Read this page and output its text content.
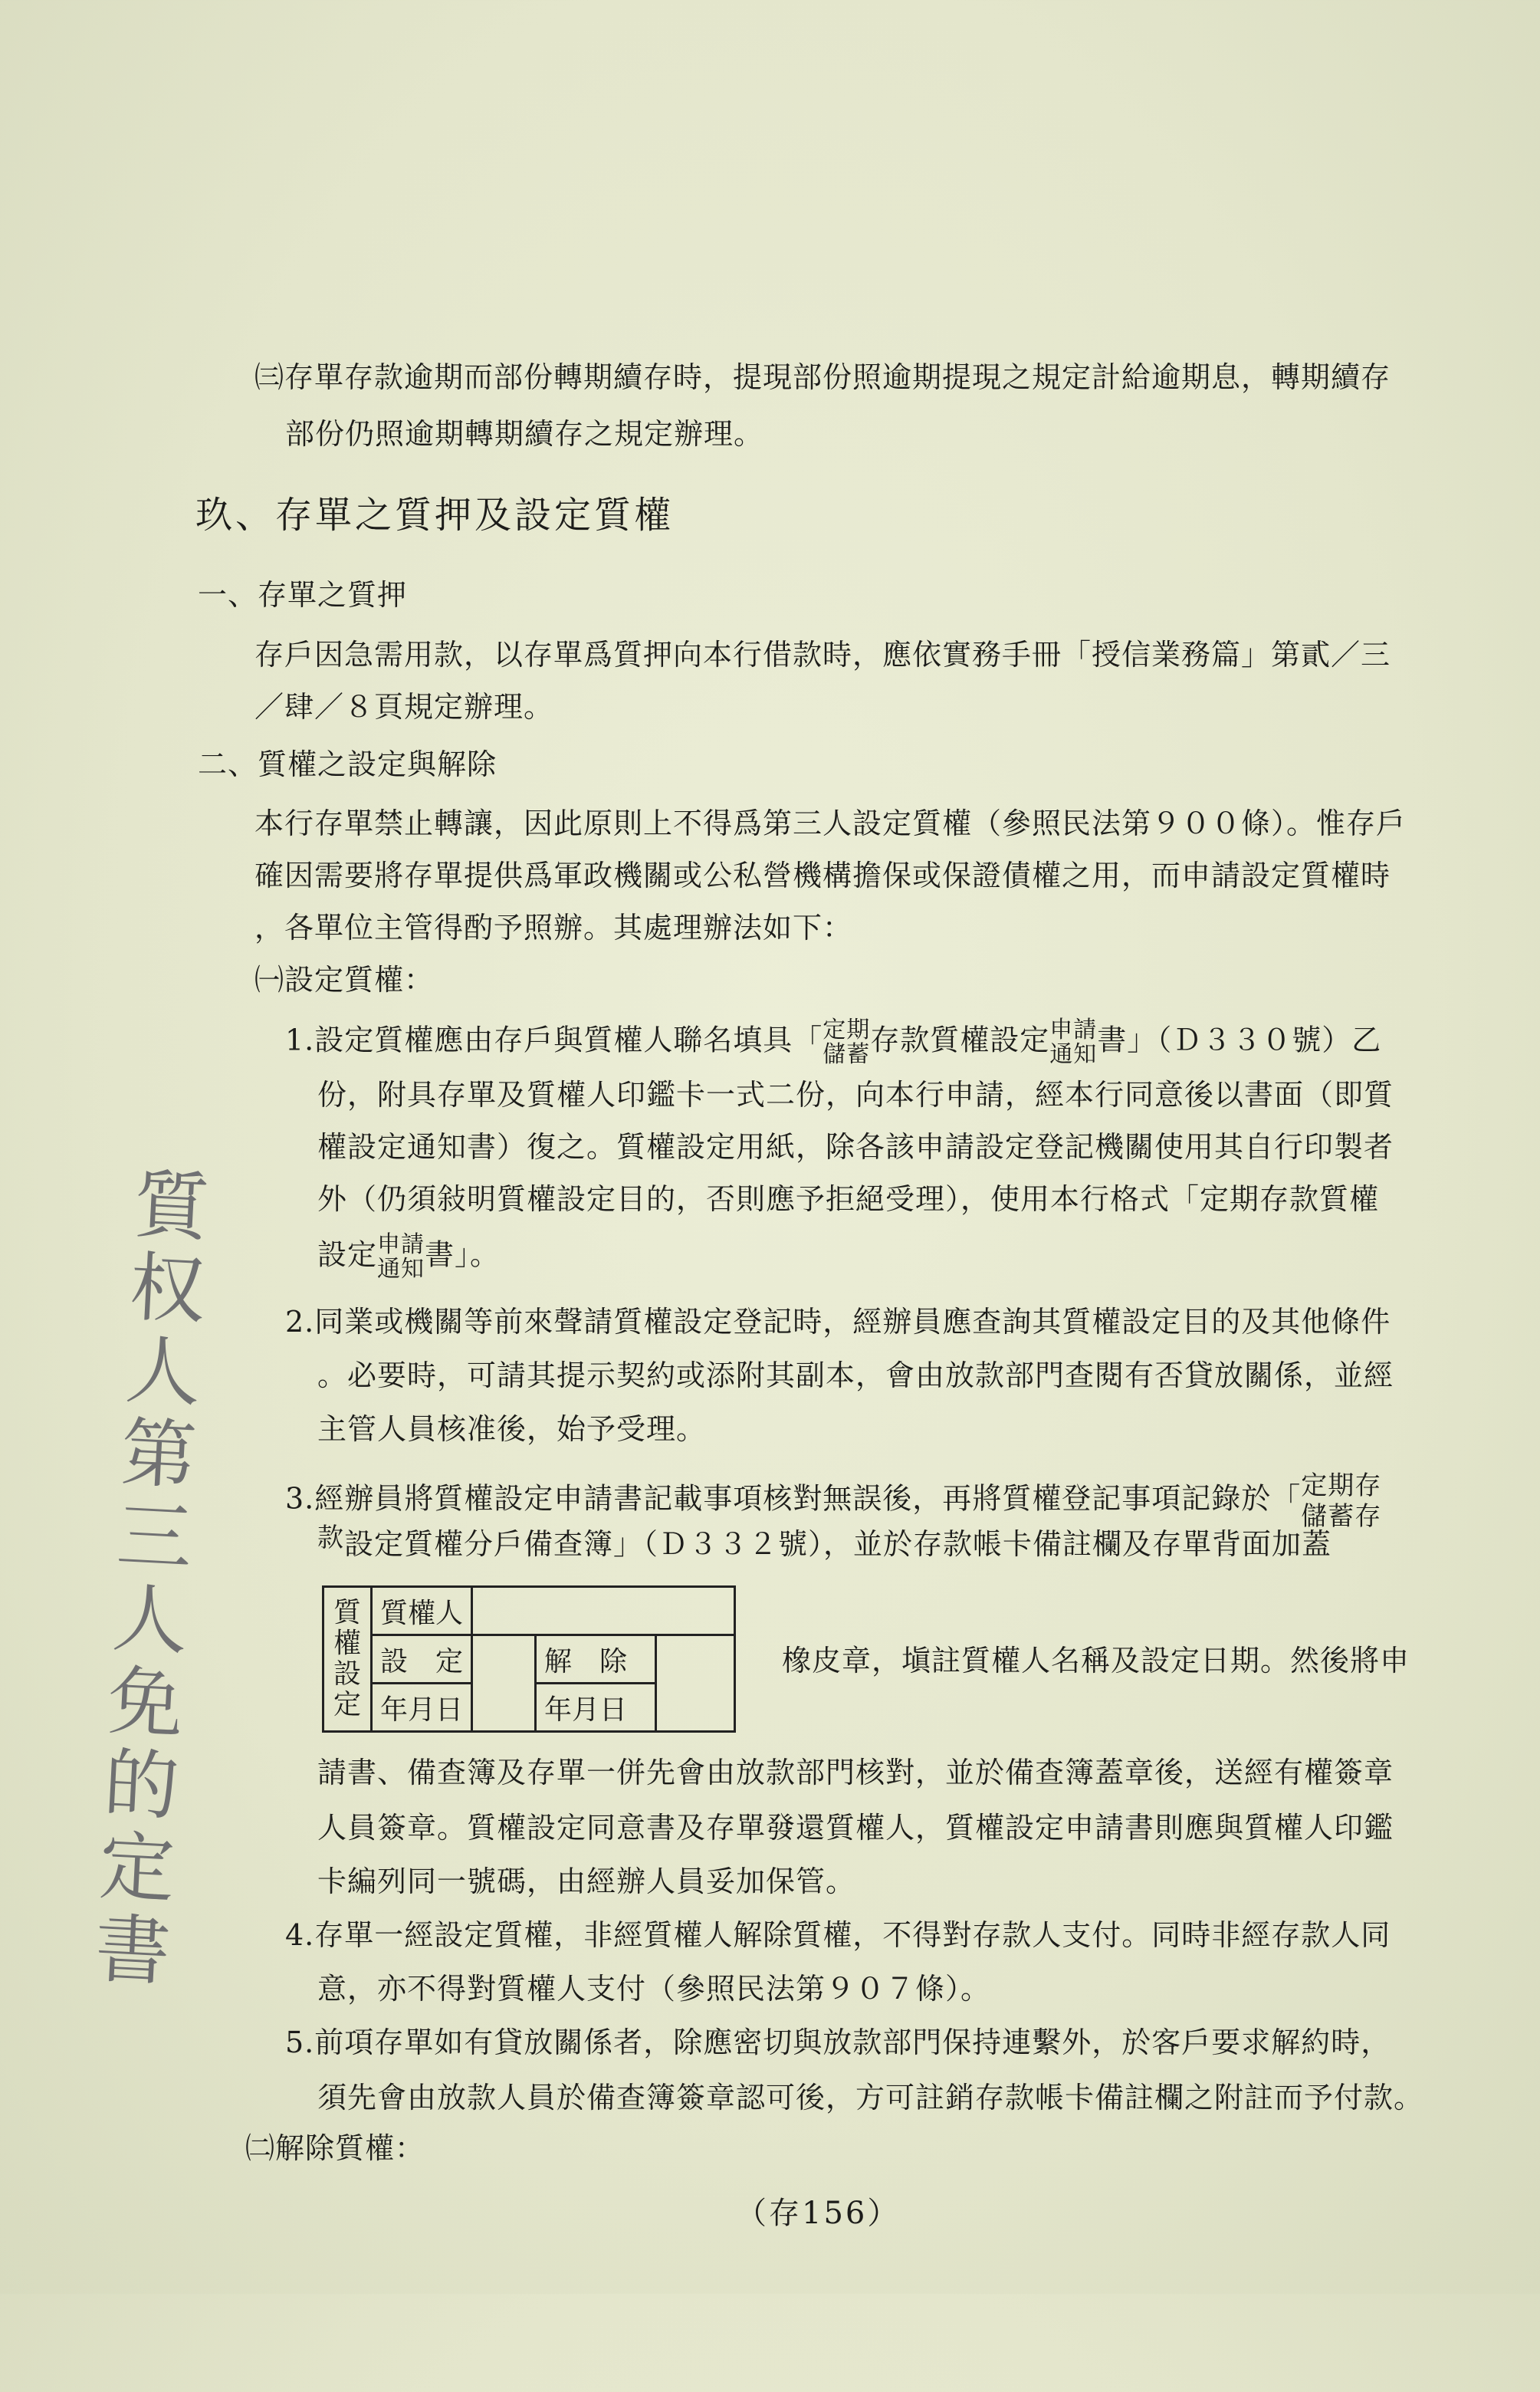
㈢存單存款逾期而部份轉期續存時，提現部份照逾期提現之規定計給逾期息，轉期續存
部份仍照逾期轉期續存之規定辦理。
玖、存單之質押及設定質權
一、存單之質押
存戶因急需用款，以存單爲質押向本行借款時，應依實務手冊「授信業務篇」第貳／三
／肆／８頁規定辦理。
二、質權之設定與解除
本行存單禁止轉讓，因此原則上不得爲第三人設定質權（參照民法第９００條）。惟存戶
確因需要將存單提供爲軍政機關或公私營機構擔保或保證債權之用，而申請設定質權時
，各單位主管得酌予照辦。其處理辦法如下：
㈠設定質權：
1.設定質權應由存戶與質權人聯名填具「 定期
儲蓄 存款質權設定 申請
通知 書」（Ｄ３３０號）乙
份，附具存單及質權人印鑑卡一式二份，向本行申請，經本行同意後以書面（即質
權設定通知書）復之。質權設定用紙，除各該申請設定登記機關使用其自行印製者
外（仍須敍明質權設定目的，否則應予拒絕受理），使用本行格式「定期存款質權
設定 申請
通知 書」。
2.同業或機關等前來聲請質權設定登記時，經辦員應查詢其質權設定目的及其他條件
。必要時，可請其提示契約或添附其副本，會由放款部門查閱有否貸放關係，並經
主管人員核准後，始予受理。
3.經辦員將質權設定申請書記載事項核對無誤後，再將質權登記事項記錄於「 定期存
儲蓄存
款 設定質權分戶備查簿」（Ｄ３３２號），並於存款帳卡備註欄及存單背面加蓋
質
權
設
定	質權人			
	設　定		解　除	
	年月日		年月日	
橡皮章，塡註質權人名稱及設定日期。然後將申
請書、備查簿及存單一併先會由放款部門核對，並於備查簿蓋章後，送經有權簽章
人員簽章。質權設定同意書及存單發還質權人，質權設定申請書則應與質權人印鑑
卡編列同一號碼，由經辦人員妥加保管。
4.存單一經設定質權，非經質權人解除質權，不得對存款人支付。同時非經存款人同
意，亦不得對質權人支付（參照民法第９０７條）。
5.前項存單如有貸放關係者，除應密切與放款部門保持連繫外，於客戶要求解約時，
須先會由放款人員於備查簿簽章認可後，方可註銷存款帳卡備註欄之附註而予付款。
㈡解除質權：
質权人第三人免的定書
（存156）
